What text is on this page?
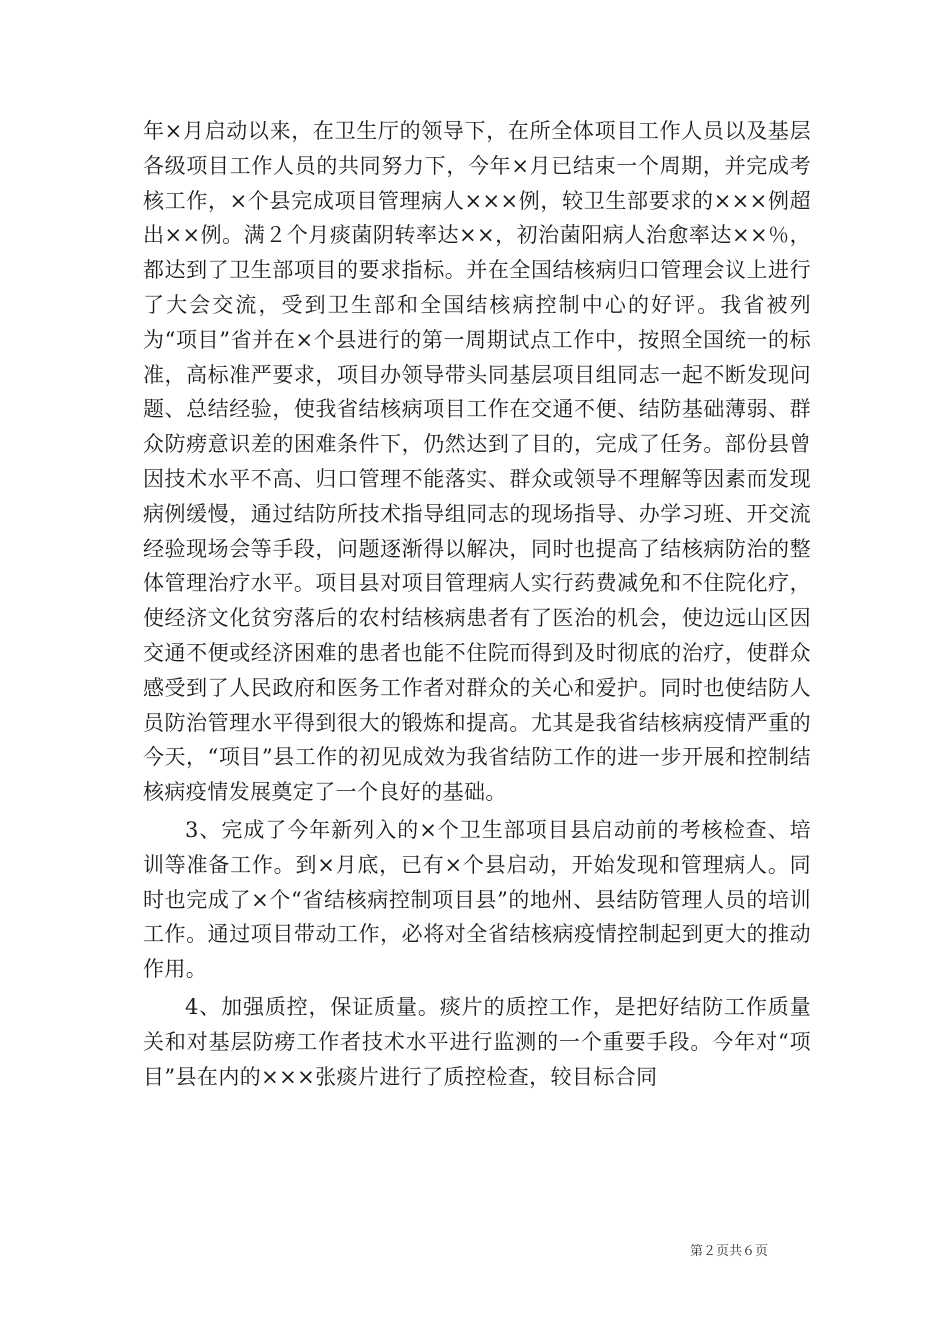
年×月启动以来，在卫生厅的领导下，在所全体项目工作人员以及基层各级项目工作人员的共同努力下，今年×月已结束一个周期，并完成考核工作，×个县完成项目管理病人×××例，较卫生部要求的×××例超出××例。满２个月痰菌阴转率达××，初治菌阳病人治愈率达××％，都达到了卫生部项目的要求指标。并在全国结核病归口管理会议上进行了大会交流，受到卫生部和全国结核病控制中心的好评。我省被列为“项目”省并在×个县进行的第一周期试点工作中，按照全国统一的标准，高标准严要求，项目办领导带头同基层项目组同志一起不断发现问题、总结经验，使我省结核病项目工作在交通不便、结防基础薄弱、群众防痨意识差的困难条件下，仍然达到了目的，完成了任务。部份县曾因技术水平不高、归口管理不能落实、群众或领导不理解等因素而发现病例缓慢，通过结防所技术指导组同志的现场指导、办学习班、开交流经验现场会等手段，问题逐渐得以解决，同时也提高了结核病防治的整体管理治疗水平。项目县对项目管理病人实行药费减免和不住院化疗，使经济文化贫穷落后的农村结核病患者有了医治的机会，使边远山区因交通不便或经济困难的患者也能不住院而得到及时彻底的治疗，使群众感受到了人民政府和医务工作者对群众的关心和爱护。同时也使结防人员防治管理水平得到很大的锻炼和提高。尤其是我省结核病疫情严重的今天，“项目”县工作的初见成效为我省结防工作的进一步开展和控制结核病疫情发展奠定了一个良好的基础。

3、完成了今年新列入的×个卫生部项目县启动前的考核检查、培训等准备工作。到×月底，已有×个县启动，开始发现和管理病人。同时也完成了×个“省结核病控制项目县”的地州、县结防管理人员的培训工作。通过项目带动工作，必将对全省结核病疫情控制起到更大的推动作用。

4、加强质控，保证质量。痰片的质控工作，是把好结防工作质量关和对基层防痨工作者技术水平进行监测的一个重要手段。今年对“项目”县在内的×××张痰片进行了质控检查，较目标合同

第２页共６页
